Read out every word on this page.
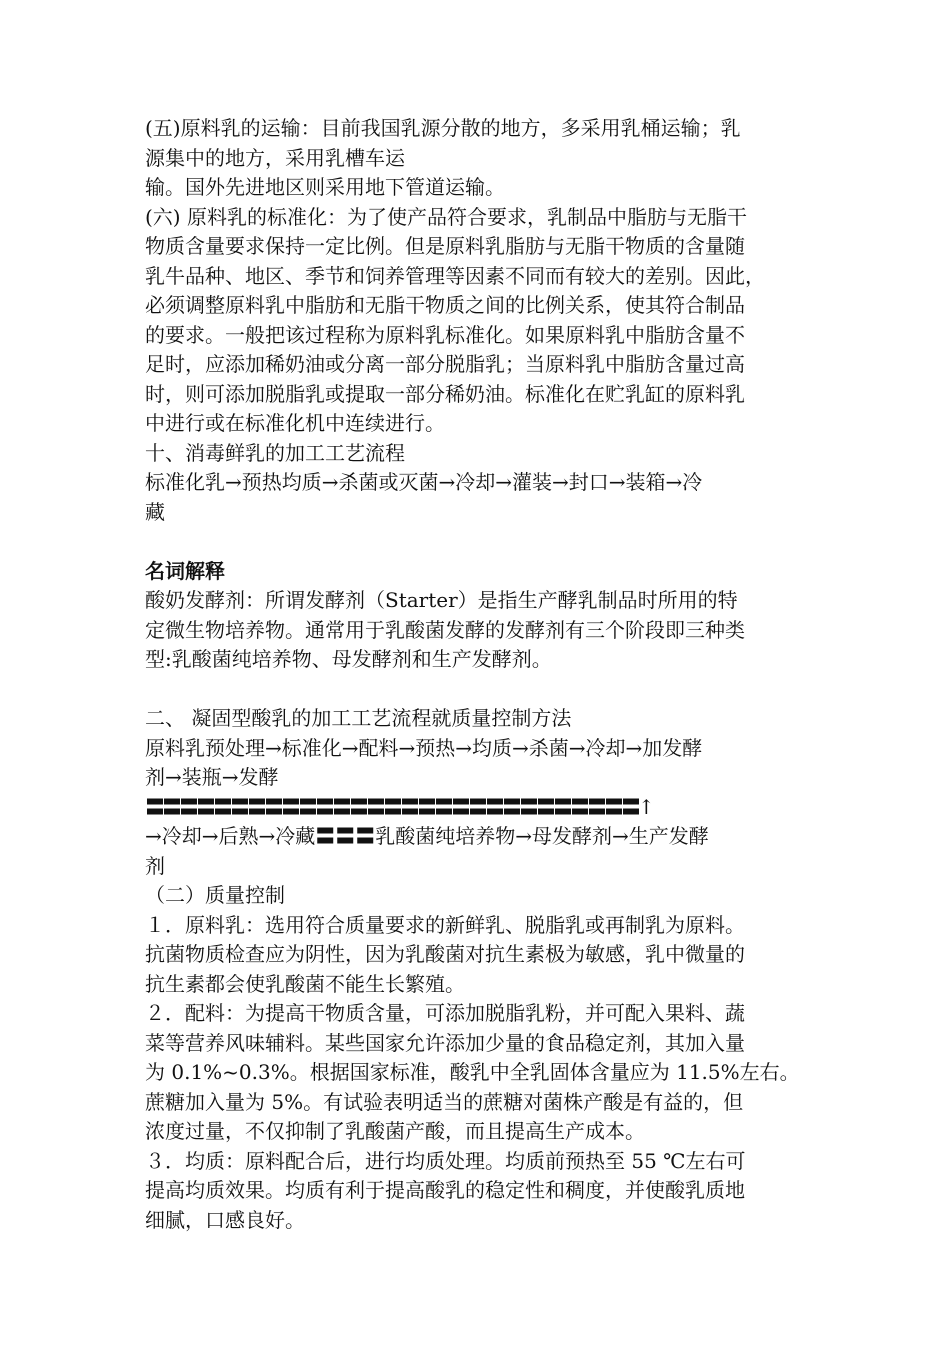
(五)原料乳的运输：目前我国乳源分散的地方，多采用乳桶运输；乳
源集中的地方，采用乳槽车运
输。国外先进地区则采用地下管道运输。
(六) 原料乳的标准化：为了使产品符合要求，乳制品中脂肪与无脂干
物质含量要求保持一定比例。但是原料乳脂肪与无脂干物质的含量随
乳牛品种、地区、季节和饲养管理等因素不同而有较大的差别。因此，
必须调整原料乳中脂肪和无脂干物质之间的比例关系，使其符合制品
的要求。一般把该过程称为原料乳标准化。如果原料乳中脂肪含量不
足时，应添加稀奶油或分离一部分脱脂乳；当原料乳中脂肪含量过高
时，则可添加脱脂乳或提取一部分稀奶油。标准化在贮乳缸的原料乳
中进行或在标准化机中连续进行。
十、消毒鲜乳的加工工艺流程
标准化乳→预热均质→杀菌或灭菌→冷却→灌装→封口→装箱→冷
藏
名词解释
酸奶发酵剂：所谓发酵剂（Starter）是指生产酵乳制品时所用的特
定微生物培养物。通常用于乳酸菌发酵的发酵剂有三个阶段即三种类
型:乳酸菌纯培养物、母发酵剂和生产发酵剂。
二、 凝固型酸乳的加工工艺流程就质量控制方法
原料乳预处理→标准化→配料→预热→均质→杀菌→冷却→加发酵
剂→装瓶→发酵
〓〓〓〓〓〓〓〓〓〓〓〓〓〓〓〓〓〓〓〓〓〓〓〓〓〓〓〓〓↑
→冷却→后熟→冷藏〓〓〓乳酸菌纯培养物→母发酵剂→生产发酵
剂
（二）质量控制
１．原料乳：选用符合质量要求的新鲜乳、脱脂乳或再制乳为原料。
抗菌物质检查应为阴性，因为乳酸菌对抗生素极为敏感，乳中微量的
抗生素都会使乳酸菌不能生长繁殖。
２．配料：为提高干物质含量，可添加脱脂乳粉，并可配入果料、蔬
菜等营养风味辅料。某些国家允许添加少量的食品稳定剂，其加入量
为 0.1%~0.3%。根据国家标准，酸乳中全乳固体含量应为 11.5%左右。
蔗糖加入量为 5%。有试验表明适当的蔗糖对菌株产酸是有益的，但
浓度过量，不仅抑制了乳酸菌产酸，而且提高生产成本。
３．均质：原料配合后，进行均质处理。均质前预热至 55 ℃左右可
提高均质效果。均质有利于提高酸乳的稳定性和稠度，并使酸乳质地
细腻，口感良好。
